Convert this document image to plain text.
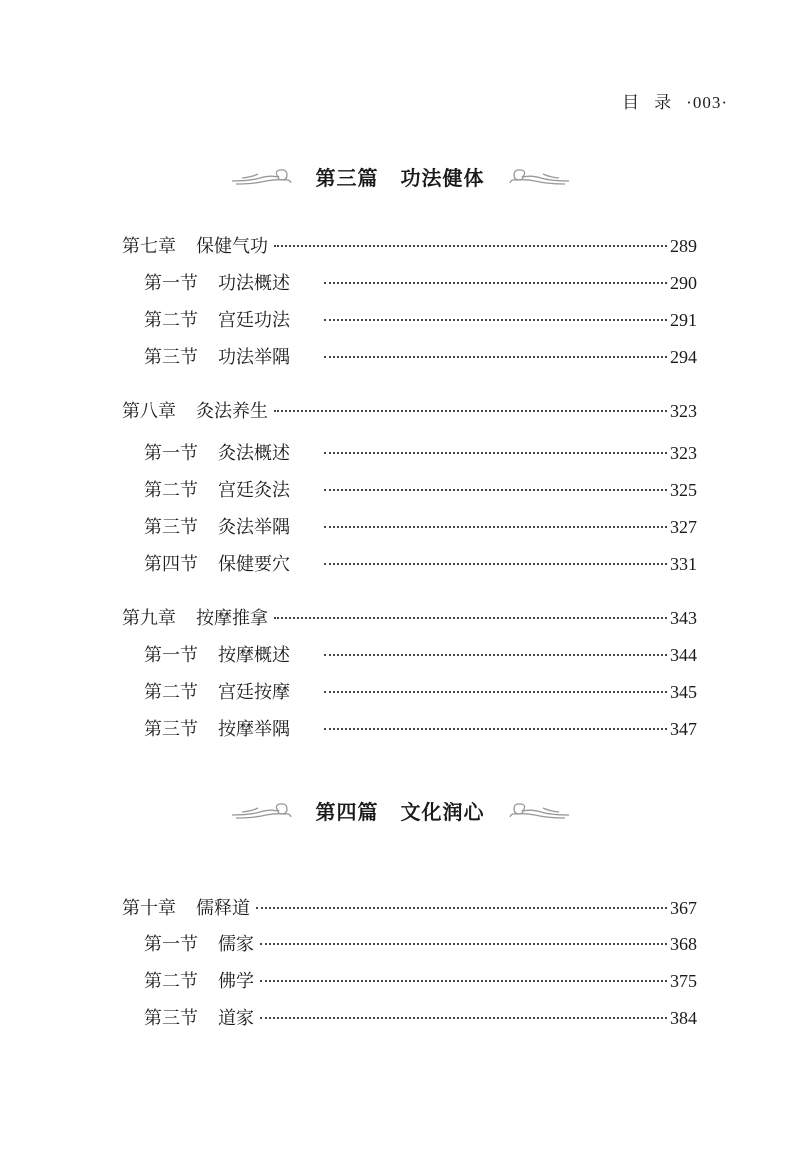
目 录 ·003·
第三篇 功法健体
第七章 保健气功	289
第一节 功法概述	290
第二节 宫廷功法	291
第三节 功法举隅	294
第八章 灸法养生	323
第一节 灸法概述	323
第二节 宫廷灸法	325
第三节 灸法举隅	327
第四节 保健要穴	331
第九章 按摩推拿	343
第一节 按摩概述	344
第二节 宫廷按摩	345
第三节 按摩举隅	347
第四篇 文化润心
第十章 儒释道	367
第一节 儒家	368
第二节 佛学	375
第三节 道家	384
